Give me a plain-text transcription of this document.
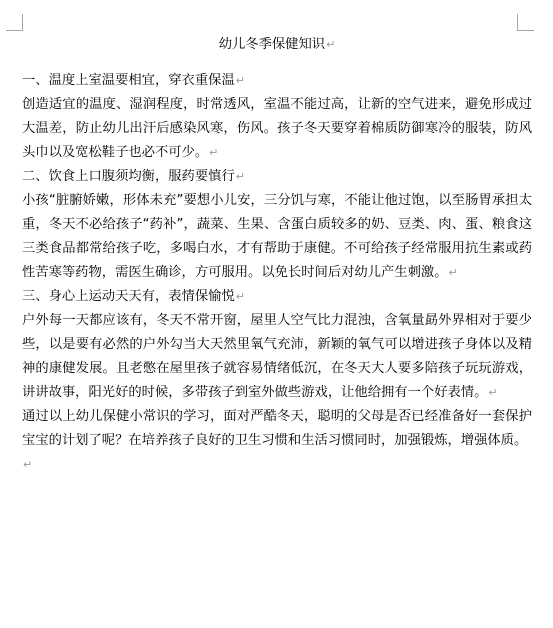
幼儿冬季保健知识↵

一、温度上室温要相宜，穿衣重保温↵

创造适宜的温度、湿润程度，时常透风，室温不能过高，让新的空气进来，避免形成过大温差，防止幼儿出汗后感染风寒，伤风。孩子冬天要穿着棉质防御寒冷的服装，防风头巾以及宽松鞋子也必不可少。↵

二、饮食上口腹须均衡，服药要慎行↵

小孩“脏腑娇嫩，形体未充”要想小儿安，三分饥与寒，不能让他过饱，以至肠胃承担太重，冬天不必给孩子“药补”，蔬菜、生果、含蛋白质较多的奶、豆类、肉、蛋、粮食这三类食品都常给孩子吃，多喝白水，才有帮助于康健。不可给孩子经常服用抗生素或药性苦寒等药物，需医生确诊，方可服用。以免长时间后对幼儿产生刺激。↵

三、身心上运动天天有，表情保愉悦↵

户外每一天都应该有，冬天不常开窗，屋里人空气比力混浊，含氧量勗外界相对于要少些，以是要有必然的户外勾当大天然里氧气充沛，新颖的氧气可以增进孩子身体以及精神的康健发展。且老憋在屋里孩子就容易情绪低沉，在冬天大人要多陪孩子玩玩游戏，讲讲故事，阳光好的时候，多带孩子到室外做些游戏，让他给拥有一个好表情。↵

通过以上幼儿保健小常识的学习，面对严酷冬天，聪明的父母是否已经准备好一套保护宝宝的计划了呢？在培养孩子良好的卫生习惯和生活习惯同时，加强锻炼，增强体质。

↵
